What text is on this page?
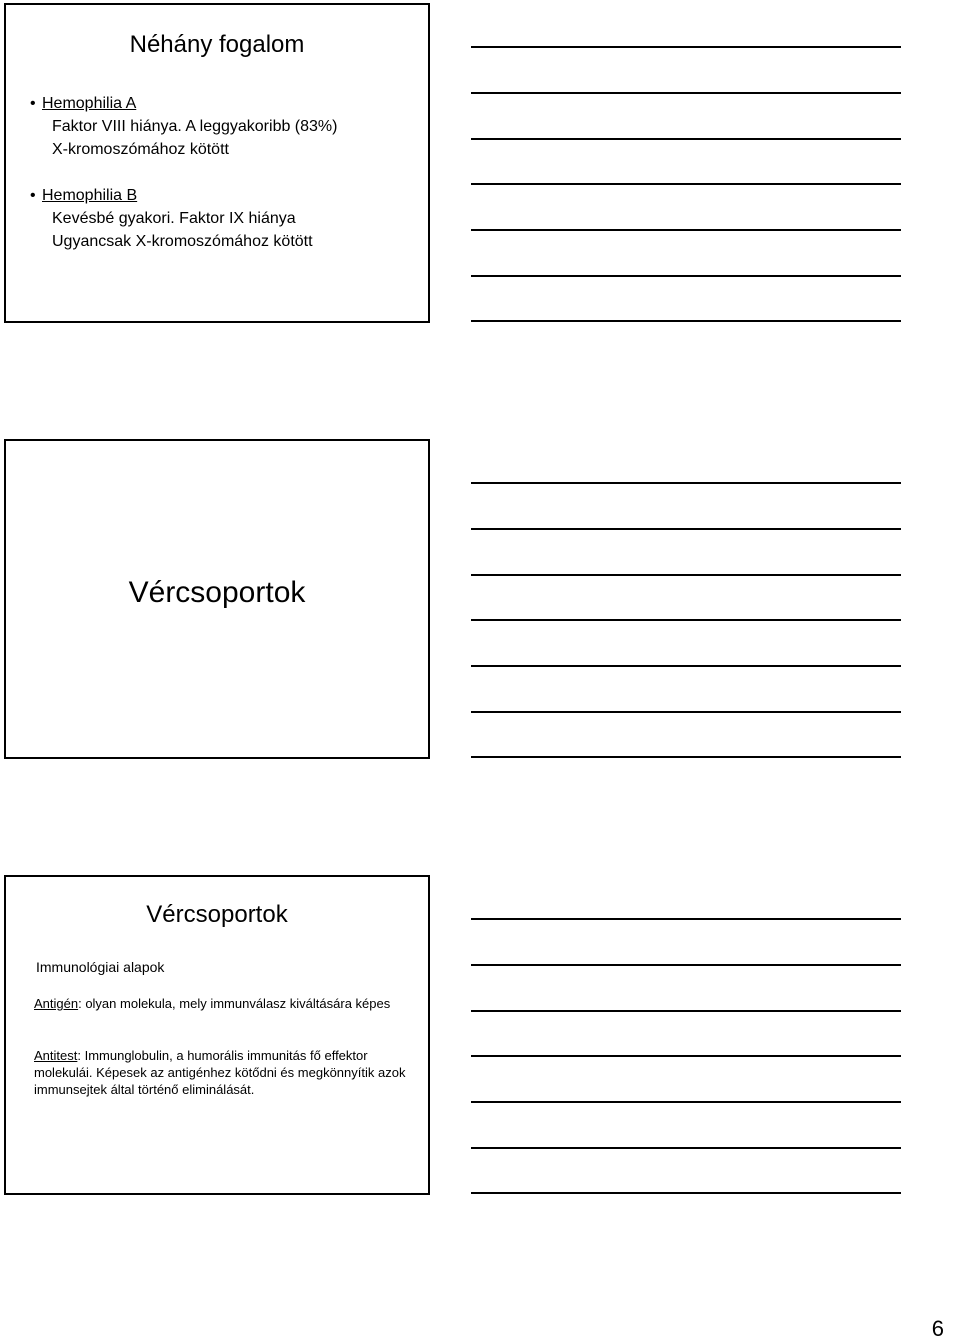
Néhány fogalom
• Hemophilia A
Faktor VIII hiánya. A leggyakoribb (83%)
X-kromoszómához kötött
• Hemophilia B
Kevésbé gyakori. Faktor IX hiánya
Ugyancsak X-kromoszómához kötött
Vércsoportok
Vércsoportok
Immunológiai alapok
Antigén: olyan molekula, mely immunválasz kiváltására képes
Antitest: Immunglobulin, a humorális immunitás fő effektor molekulái. Képesek az antigénhez kötődni és megkönnyítik azok immunsejtek által történő eliminálását.
6
